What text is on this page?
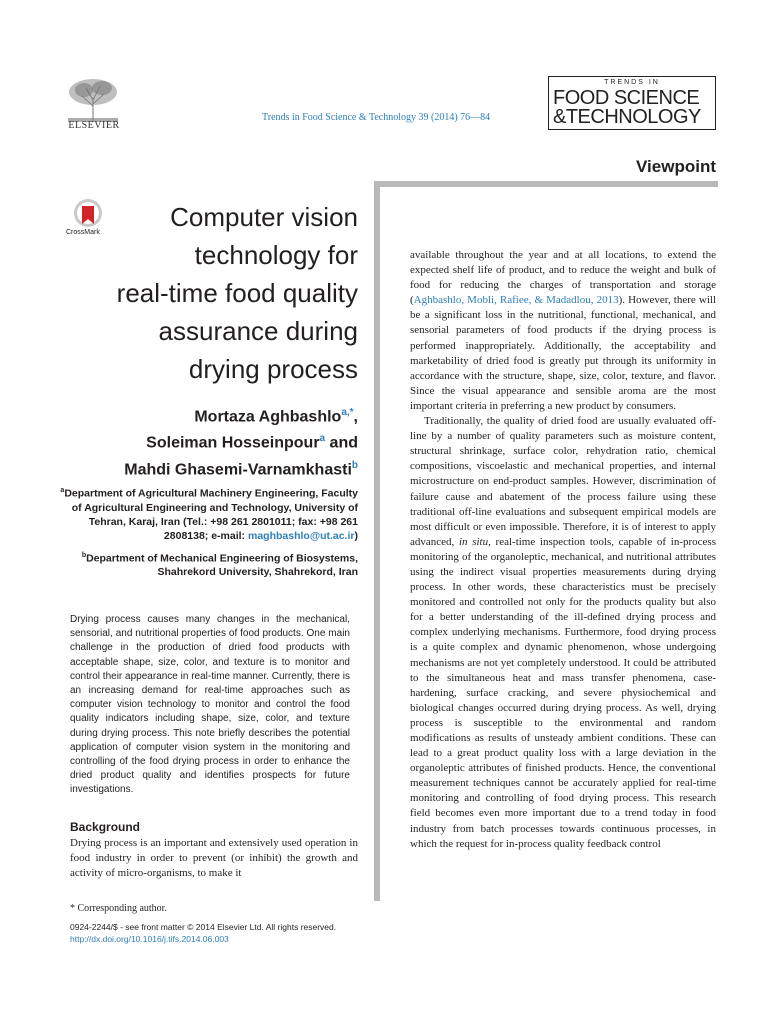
ELSEVIER
Trends in Food Science & Technology 39 (2014) 76—84
TRENDS IN
FOOD SCIENCE
&TECHNOLOGY
Viewpoint
CrossMark
Computer vision
technology for
real-time food quality
assurance during
drying process
Mortaza Aghbashlo$^{a,*}$,
Soleiman Hosseinpour$^a$ and
Mahdi Ghasemi-Varnamkhasti$^b$
$^a$Department of Agricultural Machinery Engineering, Faculty of Agricultural Engineering and Technology, University of Tehran, Karaj, Iran (Tel.: +98 261 2801011; fax: +98 261 2808138; e-mail: maghbashlo@ut.ac.ir)
$^b$Department of Mechanical Engineering of Biosystems, Shahrekord University, Shahrekord, Iran
Drying process causes many changes in the mechanical, sensorial, and nutritional properties of food products. One main challenge in the production of dried food products with acceptable shape, size, color, and texture is to monitor and control their appearance in real-time manner. Currently, there is an increasing demand for real-time approaches such as computer vision technology to monitor and control the food quality indicators including shape, size, color, and texture during drying process. This note briefly describes the potential application of computer vision system in the monitoring and controlling of the food drying process in order to enhance the dried product quality and identifies prospects for future investigations.
Background
Drying process is an important and extensively used operation in food industry in order to prevent (or inhibit) the growth and activity of micro-organisms, to make it
* Corresponding author.
0924-2244/$ - see front matter © 2014 Elsevier Ltd. All rights reserved.
http://dx.doi.org/10.1016/j.tifs.2014.06.003

available throughout the year and at all locations, to extend the expected shelf life of product, and to reduce the weight and bulk of food for reducing the charges of transportation and storage (Aghbashlo, Mobli, Rafiee, & Madadlou, 2013). However, there will be a significant loss in the nutritional, functional, mechanical, and sensorial parameters of food products if the drying process is performed inappropriately. Additionally, the acceptability and marketability of dried food is greatly put through its uniformity in accordance with the structure, shape, size, color, texture, and flavor. Since the visual appearance and sensible aroma are the most important criteria in preferring a new product by consumers.

Traditionally, the quality of dried food are usually evaluated off-line by a number of quality parameters such as moisture content, structural shrinkage, surface color, rehydration ratio, chemical compositions, viscoelastic and mechanical properties, and internal microstructure on end-product samples. However, discrimination of failure cause and abatement of the process failure using these traditional off-line evaluations and subsequent empirical models are most difficult or even impossible. Therefore, it is of interest to apply advanced, in situ, real-time inspection tools, capable of in-process monitoring of the organoleptic, mechanical, and nutritional attributes using the indirect visual properties measurements during drying process. In other words, these characteristics must be precisely monitored and controlled not only for the products quality but also for a better understanding of the ill-defined drying process and complex underlying mechanisms. Furthermore, food drying process is a quite complex and dynamic phenomenon, whose undergoing mechanisms are not yet completely understood. It could be attributed to the simultaneous heat and mass transfer phenomena, case-hardening, surface cracking, and severe physiochemical and biological changes occurred during drying process. As well, drying process is susceptible to the environmental and random modifications as results of unsteady ambient conditions. These can lead to a great product quality loss with a large deviation in the organoleptic attributes of finished products. Hence, the conventional measurement techniques cannot be accurately applied for real-time monitoring and controlling of food drying process. This research field becomes even more important due to a trend today in food industry from batch processes towards continuous processes, in which the request for in-process quality feedback control
